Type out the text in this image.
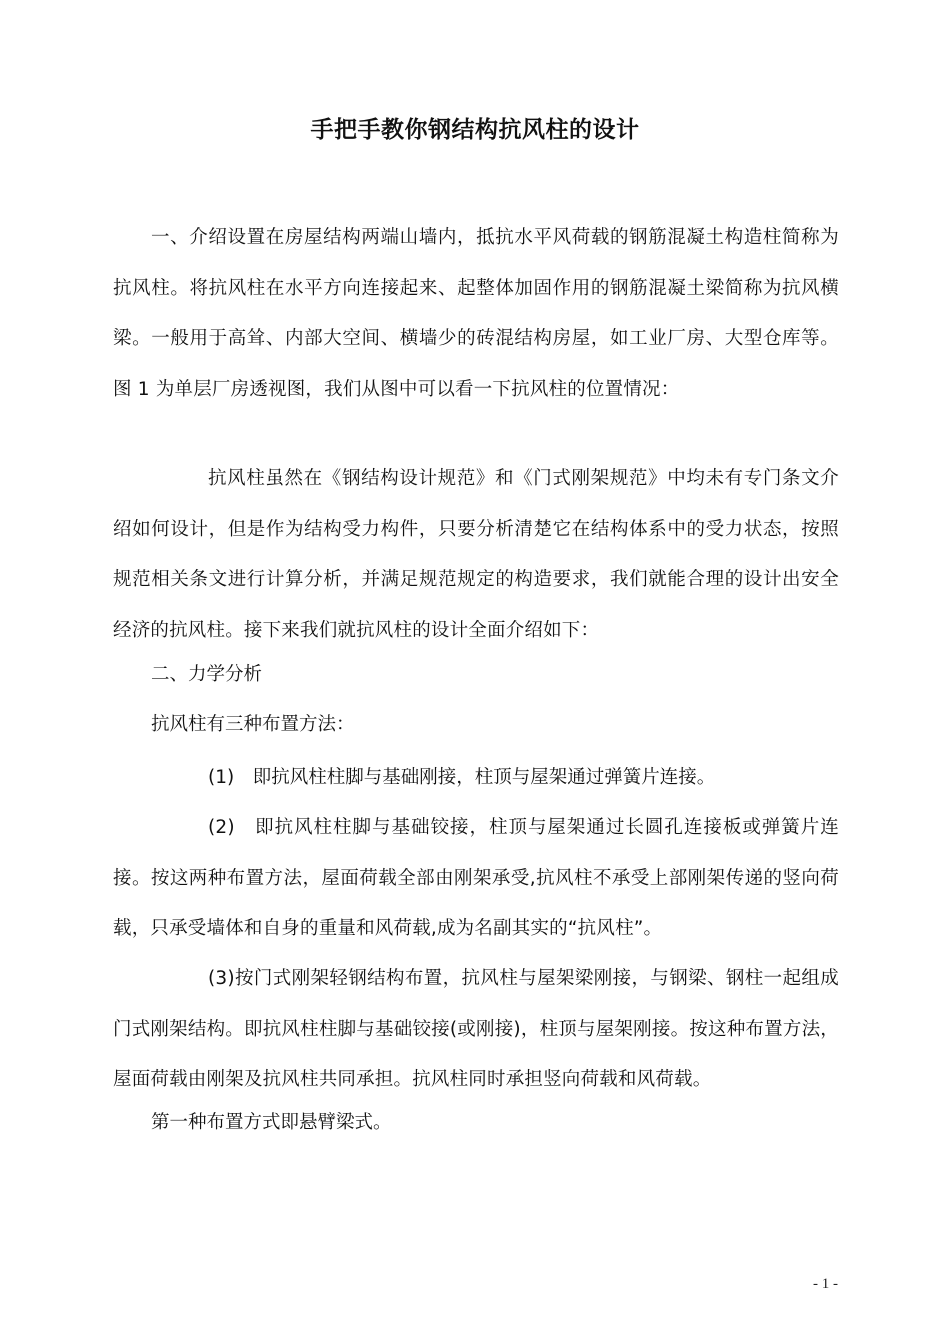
手把手教你钢结构抗风柱的设计

一、介绍设置在房屋结构两端山墙内，抵抗水平风荷载的钢筋混凝土构造柱简称为抗风柱。将抗风柱在水平方向连接起来、起整体加固作用的钢筋混凝土梁简称为抗风横梁。一般用于高耸、内部大空间、横墙少的砖混结构房屋，如工业厂房、大型仓库等。图 1 为单层厂房透视图，我们从图中可以看一下抗风柱的位置情况：

抗风柱虽然在《钢结构设计规范》和《门式刚架规范》中均未有专门条文介绍如何设计，但是作为结构受力构件，只要分析清楚它在结构体系中的受力状态，按照规范相关条文进行计算分析，并满足规范规定的构造要求，我们就能合理的设计出安全经济的抗风柱。接下来我们就抗风柱的设计全面介绍如下：

二、力学分析

抗风柱有三种布置方法：

(1)　即抗风柱柱脚与基础刚接，柱顶与屋架通过弹簧片连接。

(2)　即抗风柱柱脚与基础铰接，柱顶与屋架通过长圆孔连接板或弹簧片连接。按这两种布置方法，屋面荷载全部由刚架承受,抗风柱不承受上部刚架传递的竖向荷载，只承受墙体和自身的重量和风荷载,成为名副其实的“抗风柱”。

(3)按门式刚架轻钢结构布置，抗风柱与屋架梁刚接，与钢梁、钢柱一起组成门式刚架结构。即抗风柱柱脚与基础铰接(或刚接)，柱顶与屋架刚接。按这种布置方法，屋面荷载由刚架及抗风柱共同承担。抗风柱同时承担竖向荷载和风荷载。

第一种布置方式即悬臂梁式。

- 1 -
